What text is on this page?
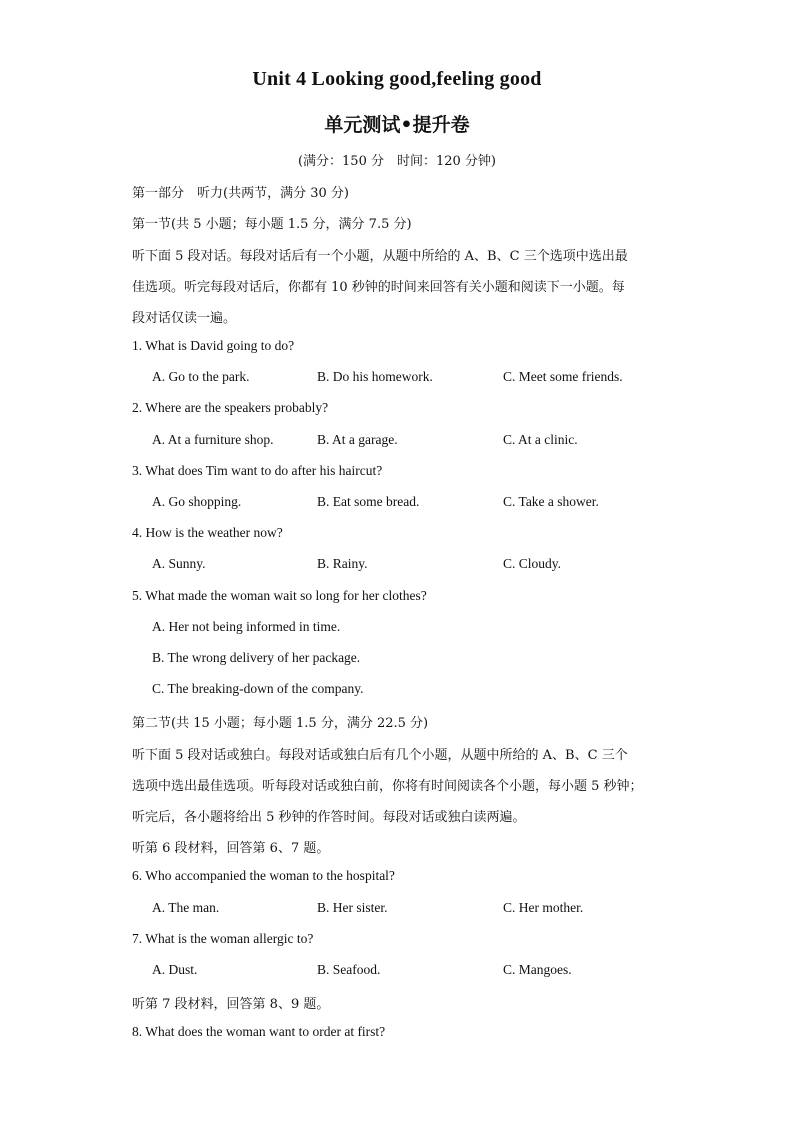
Unit 4 Looking good,feeling good
单元测试•提升卷
(满分：150 分　时间：120 分钟)
第一部分　听力(共两节，满分 30 分)
第一节(共 5 小题；每小题 1.5 分，满分 7.5 分)
听下面 5 段对话。每段对话后有一个小题，从题中所给的 A、B、C 三个选项中选出最
佳选项。听完每段对话后，你都有 10 秒钟的时间来回答有关小题和阅读下一小题。每
段对话仅读一遍。
1. What is David going to do?
A. Go to the park.	B. Do his homework.	C. Meet some friends.
2. Where are the speakers probably?
A. At a furniture shop.	B. At a garage.	C. At a clinic.
3. What does Tim want to do after his haircut?
A. Go shopping.	B. Eat some bread.	C. Take a shower.
4. How is the weather now?
A. Sunny.	B. Rainy.	C. Cloudy.
5. What made the woman wait so long for her clothes?
A. Her not being informed in time.
B. The wrong delivery of her package.
C. The breaking-down of the company.
第二节(共 15 小题；每小题 1.5 分，满分 22.5 分)
听下面 5 段对话或独白。每段对话或独白后有几个小题，从题中所给的 A、B、C 三个
选项中选出最佳选项。听每段对话或独白前，你将有时间阅读各个小题，每小题 5 秒钟；
听完后，各小题将给出 5 秒钟的作答时间。每段对话或独白读两遍。
听第 6 段材料，回答第 6、7 题。
6. Who accompanied the woman to the hospital?
A. The man.	B. Her sister.	C. Her mother.
7. What is the woman allergic to?
A. Dust.	B. Seafood.	C. Mangoes.
听第 7 段材料，回答第 8、9 题。
8. What does the woman want to order at first?
